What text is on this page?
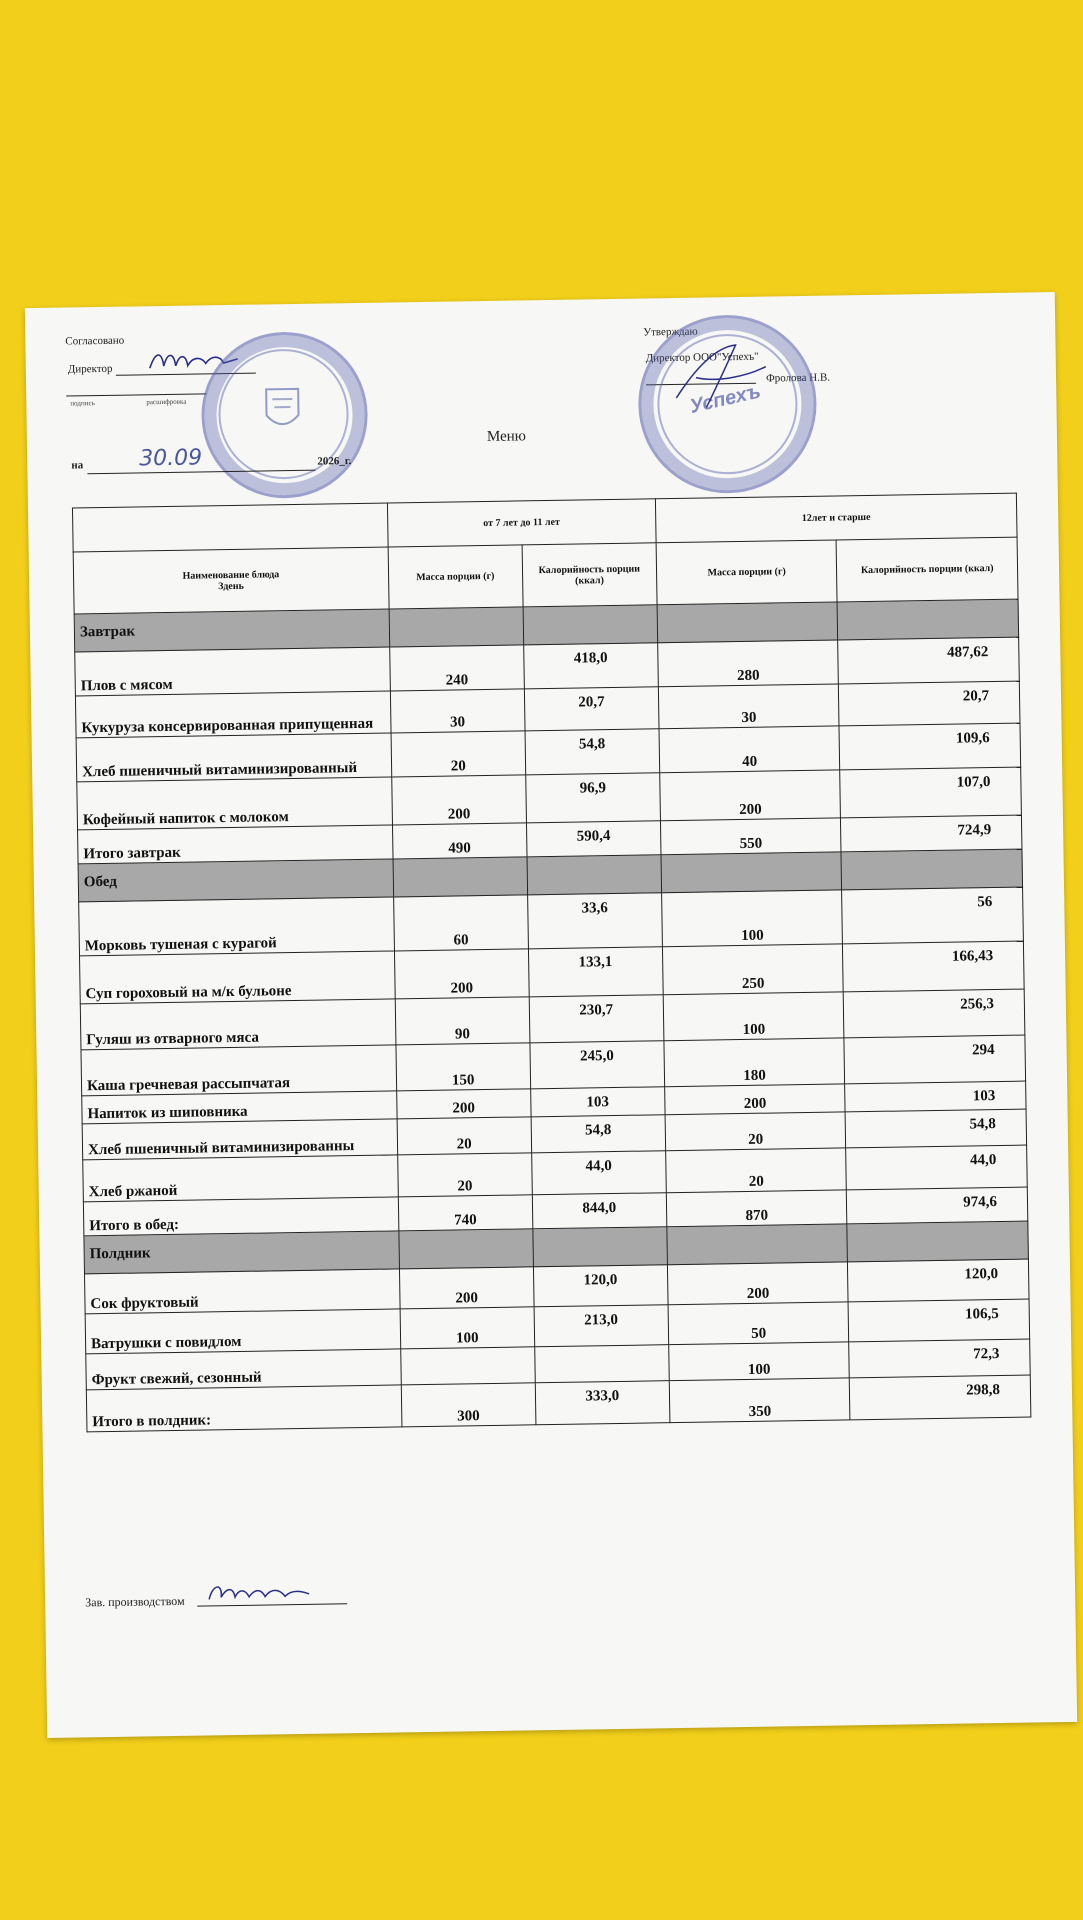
Согласовано
Директор
подпись	расшифровка
Утверждаю
Директор ООО"Успехъ"
Фролова Н.В.
Успехъ
Меню
на	30.09	2026_г.
	от 7 лет до 11 лет		12лет и старше	
Наименование блюда
Здень	Масса порции (г)	Калорийность порции (ккал)	Масса порции (г)	Калорийность порции (ккал)
Завтрак				
Плов с мясом	240	418,0	280	487,62
Кукуруза консервированная припущенная	30	20,7	30	20,7
Хлеб пшеничный витаминизированный	20	54,8	40	109,6
Кофейный напиток с молоком	200	96,9	200	107,0
Итого завтрак	490	590,4	550	724,9
Обед				
Морковь тушеная с курагой	60	33,6	100	56
Суп гороховый на м/к бульоне	200	133,1	250	166,43
Гуляш из отварного мяса	90	230,7	100	256,3
Каша гречневая рассыпчатая	150	245,0	180	294
Напиток из шиповника	200	103	200	103
Хлеб пшеничный витаминизированны	20	54,8	20	54,8
Хлеб ржаной	20	44,0	20	44,0
Итого в обед:	740	844,0	870	974,6
Полдник				
Сок фруктовый	200	120,0	200	120,0
Ватрушки с повидлом	100	213,0	50	106,5
Фрукт свежий, сезонный			100	72,3
Итого в полдник:	300	333,0	350	298,8
Зав. производством
